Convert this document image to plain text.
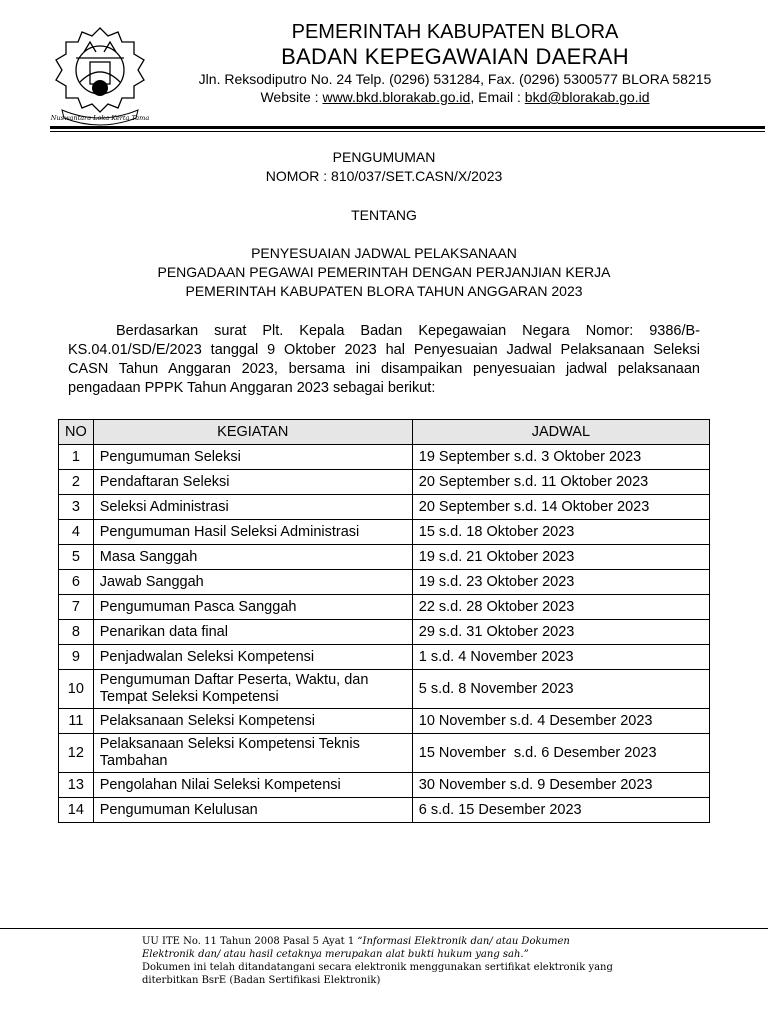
Nuswantara Loka Kerta Tama
PEMERINTAH KABUPATEN BLORA
BADAN KEPEGAWAIAN DAERAH
Jln. Reksodiputro No. 24 Telp. (0296) 531284, Fax. (0296) 5300577 BLORA 58215
Website : www.bkd.blorakab.go.id, Email : bkd@blorakab.go.id
PENGUMUMAN
NOMOR : 810/037/SET.CASN/X/2023
TENTANG
PENYESUAIAN JADWAL PELAKSANAAN
PENGADAAN PEGAWAI PEMERINTAH DENGAN PERJANJIAN KERJA
PEMERINTAH KABUPATEN BLORA TAHUN ANGGARAN 2023
Berdasarkan surat Plt. Kepala Badan Kepegawaian Negara Nomor: 9386/B-KS.04.01/SD/E/2023 tanggal 9 Oktober 2023 hal Penyesuaian Jadwal Pelaksanaan Seleksi CASN Tahun Anggaran 2023, bersama ini disampaikan penyesuaian jadwal pelaksanaan pengadaan PPPK Tahun Anggaran 2023 sebagai berikut:
NO	KEGIATAN	JADWAL
1	Pengumuman Seleksi	19 September s.d. 3 Oktober 2023
2	Pendaftaran Seleksi	20 September s.d. 11 Oktober 2023
3	Seleksi Administrasi	20 September s.d. 14 Oktober 2023
4	Pengumuman Hasil Seleksi Administrasi	15 s.d. 18 Oktober 2023
5	Masa Sanggah	19 s.d. 21 Oktober 2023
6	Jawab Sanggah	19 s.d. 23 Oktober 2023
7	Pengumuman Pasca Sanggah	22 s.d. 28 Oktober 2023
8	Penarikan data final	29 s.d. 31 Oktober 2023
9	Penjadwalan Seleksi Kompetensi	1 s.d. 4 November 2023
10	Pengumuman Daftar Peserta, Waktu, dan Tempat Seleksi Kompetensi	5 s.d. 8 November 2023
11	Pelaksanaan Seleksi Kompetensi	10 November s.d. 4 Desember 2023
12	Pelaksanaan Seleksi Kompetensi Teknis Tambahan	15 November  s.d. 6 Desember 2023
13	Pengolahan Nilai Seleksi Kompetensi	30 November s.d. 9 Desember 2023
14	Pengumuman Kelulusan	6 s.d. 15 Desember 2023
UU ITE No. 11 Tahun 2008 Pasal 5 Ayat 1 “Informasi Elektronik dan/ atau Dokumen Elektronik dan/ atau hasil cetaknya merupakan alat bukti hukum yang sah.”
Dokumen ini telah ditandatangani secara elektronik menggunakan sertifikat elektronik yang diterbitkan BsrE (Badan Sertifikasi Elektronik)
